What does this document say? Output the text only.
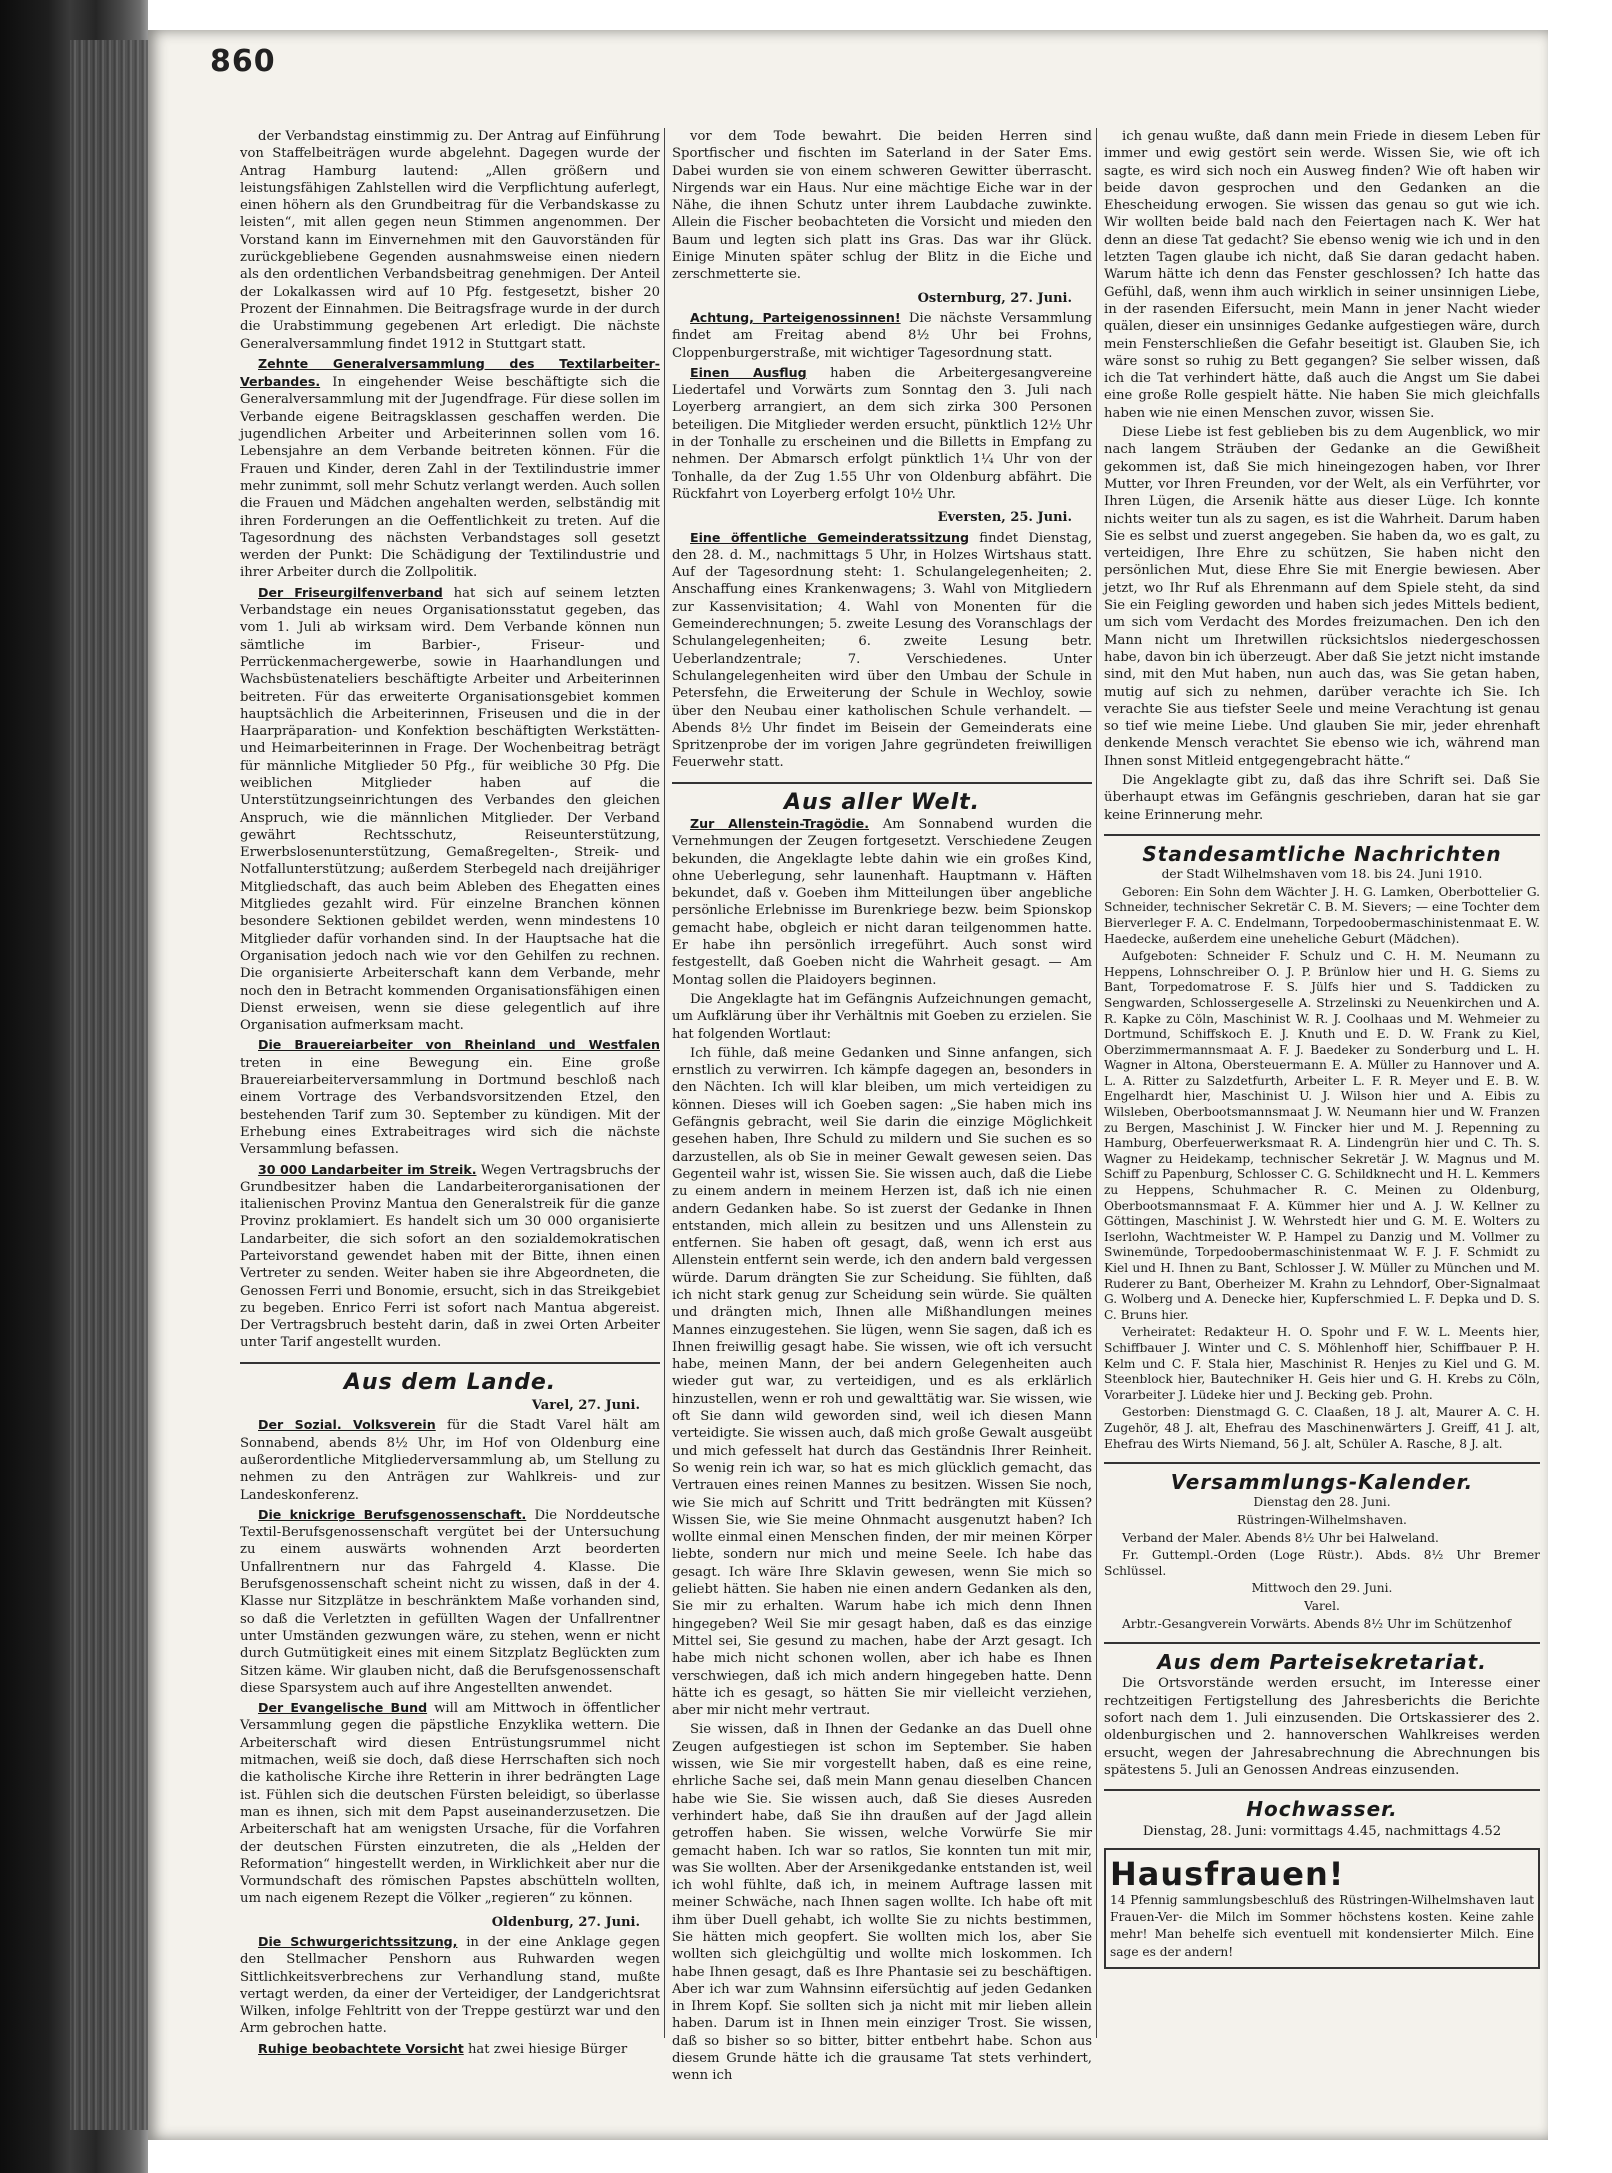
860

der Verbandstag einstimmig zu. Der Antrag auf Einführung von Staffelbeiträgen wurde abgelehnt. Dagegen wurde der Antrag Hamburg lautend: „Allen größern und leistungsfähigen Zahlstellen wird die Verpflichtung auferlegt, einen höhern als den Grundbeitrag für die Verbandskasse zu leisten“, mit allen gegen neun Stimmen angenommen. Der Vorstand kann im Einvernehmen mit den Gauvorständen für zurückgebliebene Gegenden ausnahmsweise einen niedern als den ordentlichen Verbandsbeitrag genehmigen. Der Anteil der Lokalkassen wird auf 10 Pfg. festgesetzt, bisher 20 Prozent der Einnahmen. Die Beitragsfrage wurde in der durch die Urabstimmung gegebenen Art erledigt. Die nächste Generalversammlung findet 1912 in Stuttgart statt.

Zehnte Generalversammlung des Textilarbeiter-Verbandes. In eingehender Weise beschäftigte sich die Generalversammlung mit der Jugendfrage. Für diese sollen im Verbande eigene Beitragsklassen geschaffen werden. Die jugendlichen Arbeiter und Arbeiterinnen sollen vom 16. Lebensjahre an dem Verbande beitreten können. Für die Frauen und Kinder, deren Zahl in der Textilindustrie immer mehr zunimmt, soll mehr Schutz verlangt werden. Auch sollen die Frauen und Mädchen angehalten werden, selbständig mit ihren Forderungen an die Oeffentlichkeit zu treten. Auf die Tagesordnung des nächsten Verbandstages soll gesetzt werden der Punkt: Die Schädigung der Textilindustrie und ihrer Arbeiter durch die Zollpolitik.

Der Friseurgilfenverband hat sich auf seinem letzten Verbandstage ein neues Organisationsstatut gegeben, das vom 1. Juli ab wirksam wird. Dem Verbande können nun sämtliche im Barbier-, Friseur- und Perrückenmachergewerbe, sowie in Haarhandlungen und Wachsbüstenateliers beschäftigte Arbeiter und Arbeiterinnen beitreten. Für das erweiterte Organisationsgebiet kommen hauptsächlich die Arbeiterinnen, Friseusen und die in der Haarpräparation- und Konfektion beschäftigten Werkstätten- und Heimarbeiterinnen in Frage. Der Wochenbeitrag beträgt für männliche Mitglieder 50 Pfg., für weibliche 30 Pfg. Die weiblichen Mitglieder haben auf die Unterstützungseinrichtungen des Verbandes den gleichen Anspruch, wie die männlichen Mitglieder. Der Verband gewährt Rechtsschutz, Reiseunterstützung, Erwerbslosenunterstützung, Gemaßregelten-, Streik- und Notfallunterstützung; außerdem Sterbegeld nach dreijähriger Mitgliedschaft, das auch beim Ableben des Ehegatten eines Mitgliedes gezahlt wird. Für einzelne Branchen können besondere Sektionen gebildet werden, wenn mindestens 10 Mitglieder dafür vorhanden sind. In der Hauptsache hat die Organisation jedoch nach wie vor den Gehilfen zu rechnen. Die organisierte Arbeiterschaft kann dem Verbande, mehr noch den in Betracht kommenden Organisationsfähigen einen Dienst erweisen, wenn sie diese gelegentlich auf ihre Organisation aufmerksam macht.

Die Brauereiarbeiter von Rheinland und Westfalen treten in eine Bewegung ein. Eine große Brauereiarbeiterversammlung in Dortmund beschloß nach einem Vortrage des Verbandsvorsitzenden Etzel, den bestehenden Tarif zum 30. September zu kündigen. Mit der Erhebung eines Extrabeitrages wird sich die nächste Versammlung befassen.

30 000 Landarbeiter im Streik. Wegen Vertragsbruchs der Grundbesitzer haben die Landarbeiterorganisationen der italienischen Provinz Mantua den Generalstreik für die ganze Provinz proklamiert. Es handelt sich um 30 000 organisierte Landarbeiter, die sich sofort an den sozialdemokratischen Parteivorstand gewendet haben mit der Bitte, ihnen einen Vertreter zu senden. Weiter haben sie ihre Abgeordneten, die Genossen Ferri und Bonomie, ersucht, sich in das Streikgebiet zu begeben. Enrico Ferri ist sofort nach Mantua abgereist. Der Vertragsbruch besteht darin, daß in zwei Orten Arbeiter unter Tarif angestellt wurden.

Aus dem Lande.
Varel, 27. Juni.

Der Sozial. Volksverein für die Stadt Varel hält am Sonnabend, abends 8½ Uhr, im Hof von Oldenburg eine außerordentliche Mitgliederversammlung ab, um Stellung zu nehmen zu den Anträgen zur Wahlkreis- und zur Landeskonferenz.

Die knickrige Berufsgenossenschaft. Die Norddeutsche Textil-Berufsgenossenschaft vergütet bei der Untersuchung zu einem auswärts wohnenden Arzt beorderten Unfallrentnern nur das Fahrgeld 4. Klasse. Die Berufsgenossenschaft scheint nicht zu wissen, daß in der 4. Klasse nur Sitzplätze in beschränktem Maße vorhanden sind, so daß die Verletzten in gefüllten Wagen der Unfallrentner unter Umständen gezwungen wäre, zu stehen, wenn er nicht durch Gutmütigkeit eines mit einem Sitzplatz Beglückten zum Sitzen käme. Wir glauben nicht, daß die Berufsgenossenschaft diese Sparsystem auch auf ihre Angestellten anwendet.

Der Evangelische Bund will am Mittwoch in öffentlicher Versammlung gegen die päpstliche Enzyklika wettern. Die Arbeiterschaft wird diesen Entrüstungsrummel nicht mitmachen, weiß sie doch, daß diese Herrschaften sich noch die katholische Kirche ihre Retterin in ihrer bedrängten Lage ist. Fühlen sich die deutschen Fürsten beleidigt, so überlasse man es ihnen, sich mit dem Papst auseinanderzusetzen. Die Arbeiterschaft hat am wenigsten Ursache, für die Vorfahren der deutschen Fürsten einzutreten, die als „Helden der Reformation“ hingestellt werden, in Wirklichkeit aber nur die Vormundschaft des römischen Papstes abschütteln wollten, um nach eigenem Rezept die Völker „regieren“ zu können.

Oldenburg, 27. Juni.

Die Schwurgerichtssitzung, in der eine Anklage gegen den Stellmacher Penshorn aus Ruhwarden wegen Sittlichkeitsverbrechens zur Verhandlung stand, mußte vertagt werden, da einer der Verteidiger, der Landgerichtsrat Wilken, infolge Fehltritt von der Treppe gestürzt war und den Arm gebrochen hatte.

Ruhige beobachtete Vorsicht hat zwei hiesige Bürger

vor dem Tode bewahrt. Die beiden Herren sind Sportfischer und fischten im Saterland in der Sater Ems. Dabei wurden sie von einem schweren Gewitter überrascht. Nirgends war ein Haus. Nur eine mächtige Eiche war in der Nähe, die ihnen Schutz unter ihrem Laubdache zuwinkte. Allein die Fischer beobachteten die Vorsicht und mieden den Baum und legten sich platt ins Gras. Das war ihr Glück. Einige Minuten später schlug der Blitz in die Eiche und zerschmetterte sie.

Osternburg, 27. Juni.

Achtung, Parteigenossinnen! Die nächste Versammlung findet am Freitag abend 8½ Uhr bei Frohns, Cloppenburgerstraße, mit wichtiger Tagesordnung statt.

Einen Ausflug haben die Arbeitergesangvereine Liedertafel und Vorwärts zum Sonntag den 3. Juli nach Loyerberg arrangiert, an dem sich zirka 300 Personen beteiligen. Die Mitglieder werden ersucht, pünktlich 12½ Uhr in der Tonhalle zu erscheinen und die Billetts in Empfang zu nehmen. Der Abmarsch erfolgt pünktlich 1¼ Uhr von der Tonhalle, da der Zug 1.55 Uhr von Oldenburg abfährt. Die Rückfahrt von Loyerberg erfolgt 10½ Uhr.

Eversten, 25. Juni.

Eine öffentliche Gemeinderatssitzung findet Dienstag, den 28. d. M., nachmittags 5 Uhr, in Holzes Wirtshaus statt. Auf der Tagesordnung steht: 1. Schulangelegenheiten; 2. Anschaffung eines Krankenwagens; 3. Wahl von Mitgliedern zur Kassenvisitation; 4. Wahl von Monenten für die Gemeinderechnungen; 5. zweite Lesung des Voranschlags der Schulangelegenheiten; 6. zweite Lesung betr. Ueberlandzentrale; 7. Verschiedenes. Unter Schulangelegenheiten wird über den Umbau der Schule in Petersfehn, die Erweiterung der Schule in Wechloy, sowie über den Neubau einer katholischen Schule verhandelt. — Abends 8½ Uhr findet im Beisein der Gemeinderats eine Spritzenprobe der im vorigen Jahre gegründeten freiwilligen Feuerwehr statt.

Aus aller Welt.

Zur Allenstein-Tragödie. Am Sonnabend wurden die Vernehmungen der Zeugen fortgesetzt. Verschiedene Zeugen bekunden, die Angeklagte lebte dahin wie ein großes Kind, ohne Ueberlegung, sehr launenhaft. Hauptmann v. Häften bekundet, daß v. Goeben ihm Mitteilungen über angebliche persönliche Erlebnisse im Burenkriege bezw. beim Spionskop gemacht habe, obgleich er nicht daran teilgenommen hatte. Er habe ihn persönlich irregeführt. Auch sonst wird festgestellt, daß Goeben nicht die Wahrheit gesagt. — Am Montag sollen die Plaidoyers beginnen.

Die Angeklagte hat im Gefängnis Aufzeichnungen gemacht, um Aufklärung über ihr Verhältnis mit Goeben zu erzielen. Sie hat folgenden Wortlaut:

Ich fühle, daß meine Gedanken und Sinne anfangen, sich ernstlich zu verwirren. Ich kämpfe dagegen an, besonders in den Nächten. Ich will klar bleiben, um mich verteidigen zu können. Dieses will ich Goeben sagen: „Sie haben mich ins Gefängnis gebracht, weil Sie darin die einzige Möglichkeit gesehen haben, Ihre Schuld zu mildern und Sie suchen es so darzustellen, als ob Sie in meiner Gewalt gewesen seien. Das Gegenteil wahr ist, wissen Sie. Sie wissen auch, daß die Liebe zu einem andern in meinem Herzen ist, daß ich nie einen andern Gedanken habe. So ist zuerst der Gedanke in Ihnen entstanden, mich allein zu besitzen und uns Allenstein zu entfernen. Sie haben oft gesagt, daß, wenn ich erst aus Allenstein entfernt sein werde, ich den andern bald vergessen würde. Darum drängten Sie zur Scheidung. Sie fühlten, daß ich nicht stark genug zur Scheidung sein würde. Sie quälten und drängten mich, Ihnen alle Mißhandlungen meines Mannes einzugestehen. Sie lügen, wenn Sie sagen, daß ich es Ihnen freiwillig gesagt habe. Sie wissen, wie oft ich versucht habe, meinen Mann, der bei andern Gelegenheiten auch wieder gut war, zu verteidigen, und es als erklärlich hinzustellen, wenn er roh und gewalttätig war. Sie wissen, wie oft Sie dann wild geworden sind, weil ich diesen Mann verteidigte. Sie wissen auch, daß mich große Gewalt ausgeübt und mich gefesselt hat durch das Geständnis Ihrer Reinheit. So wenig rein ich war, so hat es mich glücklich gemacht, das Vertrauen eines reinen Mannes zu besitzen. Wissen Sie noch, wie Sie mich auf Schritt und Tritt bedrängten mit Küssen? Wissen Sie, wie Sie meine Ohnmacht ausgenutzt haben? Ich wollte einmal einen Menschen finden, der mir meinen Körper liebte, sondern nur mich und meine Seele. Ich habe das gesagt. Ich wäre Ihre Sklavin gewesen, wenn Sie mich so geliebt hätten. Sie haben nie einen andern Gedanken als den, Sie mir zu erhalten. Warum habe ich mich denn Ihnen hingegeben? Weil Sie mir gesagt haben, daß es das einzige Mittel sei, Sie gesund zu machen, habe der Arzt gesagt. Ich habe mich nicht schonen wollen, aber ich habe es Ihnen verschwiegen, daß ich mich andern hingegeben hatte. Denn hätte ich es gesagt, so hätten Sie mir vielleicht verziehen, aber mir nicht mehr vertraut.

Sie wissen, daß in Ihnen der Gedanke an das Duell ohne Zeugen aufgestiegen ist schon im September. Sie haben wissen, wie Sie mir vorgestellt haben, daß es eine reine, ehrliche Sache sei, daß mein Mann genau dieselben Chancen habe wie Sie. Sie wissen auch, daß Sie dieses Ausreden verhindert habe, daß Sie ihn draußen auf der Jagd allein getroffen haben. Sie wissen, welche Vorwürfe Sie mir gemacht haben. Ich war so ratlos, Sie konnten tun mit mir, was Sie wollten. Aber der Arsenikgedanke entstanden ist, weil ich wohl fühlte, daß ich, in meinem Auftrage lassen mit meiner Schwäche, nach Ihnen sagen wollte. Ich habe oft mit ihm über Duell gehabt, ich wollte Sie zu nichts bestimmen, Sie hätten mich geopfert. Sie wollten mich los, aber Sie wollten sich gleichgültig und wollte mich loskommen. Ich habe Ihnen gesagt, daß es Ihre Phantasie sei zu beschäftigen. Aber ich war zum Wahnsinn eifersüchtig auf jeden Gedanken in Ihrem Kopf. Sie sollten sich ja nicht mit mir lieben allein haben. Darum ist in Ihnen mein einziger Trost. Sie wissen, daß so bisher so so bitter, bitter entbehrt habe. Schon aus diesem Grunde hätte ich die grausame Tat stets verhindert, wenn ich

ich genau wußte, daß dann mein Friede in diesem Leben für immer und ewig gestört sein werde. Wissen Sie, wie oft ich sagte, es wird sich noch ein Ausweg finden? Wie oft haben wir beide davon gesprochen und den Gedanken an die Ehescheidung erwogen. Sie wissen das genau so gut wie ich. Wir wollten beide bald nach den Feiertagen nach K. Wer hat denn an diese Tat gedacht? Sie ebenso wenig wie ich und in den letzten Tagen glaube ich nicht, daß Sie daran gedacht haben. Warum hätte ich denn das Fenster geschlossen? Ich hatte das Gefühl, daß, wenn ihm auch wirklich in seiner unsinnigen Liebe, in der rasenden Eifersucht, mein Mann in jener Nacht wieder quälen, dieser ein unsinniges Gedanke aufgestiegen wäre, durch mein Fensterschließen die Gefahr beseitigt ist. Glauben Sie, ich wäre sonst so ruhig zu Bett gegangen? Sie selber wissen, daß ich die Tat verhindert hätte, daß auch die Angst um Sie dabei eine große Rolle gespielt hätte. Nie haben Sie mich gleichfalls haben wie nie einen Menschen zuvor, wissen Sie.

Diese Liebe ist fest geblieben bis zu dem Augenblick, wo mir nach langem Sträuben der Gedanke an die Gewißheit gekommen ist, daß Sie mich hineingezogen haben, vor Ihrer Mutter, vor Ihren Freunden, vor der Welt, als ein Verführter, vor Ihren Lügen, die Arsenik hätte aus dieser Lüge. Ich konnte nichts weiter tun als zu sagen, es ist die Wahrheit. Darum haben Sie es selbst und zuerst angegeben. Sie haben da, wo es galt, zu verteidigen, Ihre Ehre zu schützen, Sie haben nicht den persönlichen Mut, diese Ehre Sie mit Energie bewiesen. Aber jetzt, wo Ihr Ruf als Ehrenmann auf dem Spiele steht, da sind Sie ein Feigling geworden und haben sich jedes Mittels bedient, um sich vom Verdacht des Mordes freizumachen. Den ich den Mann nicht um Ihretwillen rücksichtslos niedergeschossen habe, davon bin ich überzeugt. Aber daß Sie jetzt nicht imstande sind, mit den Mut haben, nun auch das, was Sie getan haben, mutig auf sich zu nehmen, darüber verachte ich Sie. Ich verachte Sie aus tiefster Seele und meine Verachtung ist genau so tief wie meine Liebe. Und glauben Sie mir, jeder ehrenhaft denkende Mensch verachtet Sie ebenso wie ich, während man Ihnen sonst Mitleid entgegengebracht hätte.“

Die Angeklagte gibt zu, daß das ihre Schrift sei. Daß Sie überhaupt etwas im Gefängnis geschrieben, daran hat sie gar keine Erinnerung mehr.

Standesamtliche Nachrichten

der Stadt Wilhelmshaven vom 18. bis 24. Juni 1910.

Geboren: Ein Sohn dem Wächter J. H. G. Lamken, Oberbottelier G. Schneider, technischer Sekretär C. B. M. Sievers; — eine Tochter dem Bierverleger F. A. C. Endelmann, Torpedoobermaschinistenmaat E. W. Haedecke, außerdem eine uneheliche Geburt (Mädchen).

Aufgeboten: Schneider F. Schulz und C. H. M. Neumann zu Heppens, Lohnschreiber O. J. P. Brünlow hier und H. G. Siems zu Bant, Torpedomatrose F. S. Jülfs hier und S. Taddicken zu Sengwarden, Schlossergeselle A. Strzelinski zu Neuenkirchen und A. R. Kapke zu Cöln, Maschinist W. R. J. Coolhaas und M. Wehmeier zu Dortmund, Schiffskoch E. J. Knuth und E. D. W. Frank zu Kiel, Oberzimmermannsmaat A. F. J. Baedeker zu Sonderburg und L. H. Wagner in Altona, Obersteuermann E. A. Müller zu Hannover und A. L. A. Ritter zu Salzdetfurth, Arbeiter L. F. R. Meyer und E. B. W. Engelhardt hier, Maschinist U. J. Wilson hier und A. Eibis zu Wilsleben, Oberbootsmannsmaat J. W. Neumann hier und W. Franzen zu Bergen, Maschinist J. W. Fincker hier und M. J. Repenning zu Hamburg, Oberfeuerwerksmaat R. A. Lindengrün hier und C. Th. S. Wagner zu Heidekamp, technischer Sekretär J. W. Magnus und M. Schiff zu Papenburg, Schlosser C. G. Schildknecht und H. L. Kemmers zu Heppens, Schuhmacher R. C. Meinen zu Oldenburg, Oberbootsmannsmaat F. A. Kümmer hier und A. J. W. Kellner zu Göttingen, Maschinist J. W. Wehrstedt hier und G. M. E. Wolters zu Iserlohn, Wachtmeister W. P. Hampel zu Danzig und M. Vollmer zu Swinemünde, Torpedoobermaschinistenmaat W. F. J. F. Schmidt zu Kiel und H. Ihnen zu Bant, Schlosser J. W. Müller zu München und M. Ruderer zu Bant, Oberheizer M. Krahn zu Lehndorf, Ober-Signalmaat G. Wolberg und A. Denecke hier, Kupferschmied L. F. Depka und D. S. C. Bruns hier.

Verheiratet: Redakteur H. O. Spohr und F. W. L. Meents hier, Schiffbauer J. Winter und C. S. Möhlenhoff hier, Schiffbauer P. H. Kelm und C. F. Stala hier, Maschinist R. Henjes zu Kiel und G. M. Steenblock hier, Bautechniker H. Geis hier und G. H. Krebs zu Cöln, Vorarbeiter J. Lüdeke hier und J. Becking geb. Prohn.

Gestorben: Dienstmagd G. C. Claaßen, 18 J. alt, Maurer A. C. H. Zugehör, 48 J. alt, Ehefrau des Maschinenwärters J. Greiff, 41 J. alt, Ehefrau des Wirts Niemand, 56 J. alt, Schüler A. Rasche, 8 J. alt.

Versammlungs-Kalender.

Dienstag den 28. Juni.

Rüstringen-Wilhelmshaven.

Verband der Maler. Abends 8½ Uhr bei Halweland.

Fr. Guttempl.-Orden (Loge Rüstr.). Abds. 8½ Uhr Bremer Schlüssel.

Mittwoch den 29. Juni.

Varel.

Arbtr.-Gesangverein Vorwärts. Abends 8½ Uhr im Schützenhof

Aus dem Parteisekretariat.

Die Ortsvorstände werden ersucht, im Interesse einer rechtzeitigen Fertigstellung des Jahresberichts die Berichte sofort nach dem 1. Juli einzusenden. Die Ortskassierer des 2. oldenburgischen und 2. hannoverschen Wahlkreises werden ersucht, wegen der Jahresabrechnung die Abrechnungen bis spätestens 5. Juli an Genossen Andreas einzusenden.

Hochwasser.

Dienstag, 28. Juni: vormittags 4.45, nachmittags 4.52

Hausfrauen!
14 Pfennig sammlungsbeschluß des Rüstringen-Wilhelmshaven laut Frauen-Ver- die Milch im Sommer höchstens kosten. Keine zahle mehr! Man behelfe sich eventuell mit kondensierter Milch. Eine sage es der andern!
